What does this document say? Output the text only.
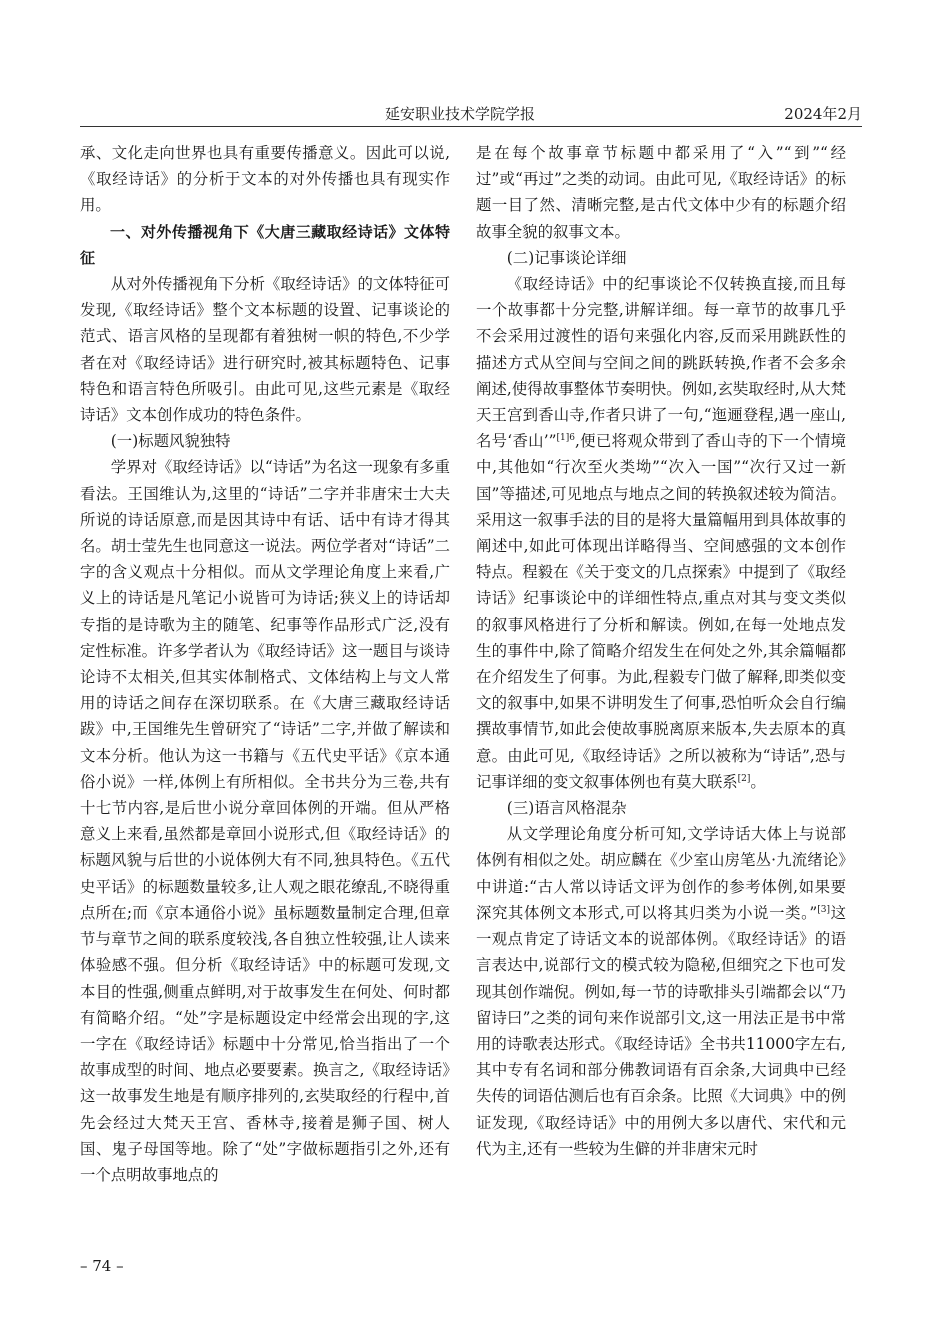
延安职业技术学院学报	2024年2月

承、文化走向世界也具有重要传播意义。因此可以说,《取经诗话》的分析于文本的对外传播也具有现实作用。

一、对外传播视角下《大唐三藏取经诗话》文体特征

从对外传播视角下分析《取经诗话》的文体特征可发现,《取经诗话》整个文本标题的设置、记事谈论的范式、语言风格的呈现都有着独树一帜的特色,不少学者在对《取经诗话》进行研究时,被其标题特色、记事特色和语言特色所吸引。由此可见,这些元素是《取经诗话》文本创作成功的特色条件。

(一)标题风貌独特

学界对《取经诗话》以“诗话”为名这一现象有多重看法。王国维认为,这里的“诗话”二字并非唐宋士大夫所说的诗话原意,而是因其诗中有话、话中有诗才得其名。胡士莹先生也同意这一说法。两位学者对“诗话”二字的含义观点十分相似。而从文学理论角度上来看,广义上的诗话是凡笔记小说皆可为诗话;狭义上的诗话却专指的是诗歌为主的随笔、纪事等作品形式广泛,没有定性标准。许多学者认为《取经诗话》这一题目与谈诗论诗不太相关,但其实体制格式、文体结构上与文人常用的诗话之间存在深切联系。在《大唐三藏取经诗话跋》中,王国维先生曾研究了“诗话”二字,并做了解读和文本分析。他认为这一书籍与《五代史平话》《京本通俗小说》一样,体例上有所相似。全书共分为三卷,共有十七节内容,是后世小说分章回体例的开端。但从严格意义上来看,虽然都是章回小说形式,但《取经诗话》的标题风貌与后世的小说体例大有不同,独具特色。《五代史平话》的标题数量较多,让人观之眼花缭乱,不晓得重点所在;而《京本通俗小说》虽标题数量制定合理,但章节与章节之间的联系度较浅,各自独立性较强,让人读来体验感不强。但分析《取经诗话》中的标题可发现,文本目的性强,侧重点鲜明,对于故事发生在何处、何时都有简略介绍。“处”字是标题设定中经常会出现的字,这一字在《取经诗话》标题中十分常见,恰当指出了一个故事成型的时间、地点必要要素。换言之,《取经诗话》这一故事发生地是有顺序排列的,玄奘取经的行程中,首先会经过大梵天王宫、香林寺,接着是狮子国、树人国、鬼子母国等地。除了“处”字做标题指引之外,还有一个点明故事地点的

是在每个故事章节标题中都采用了“入”“到”“经过”或“再过”之类的动词。由此可见,《取经诗话》的标题一目了然、清晰完整,是古代文体中少有的标题介绍故事全貌的叙事文本。

(二)记事谈论详细

《取经诗话》中的纪事谈论不仅转换直接,而且每一个故事都十分完整,讲解详细。每一章节的故事几乎不会采用过渡性的语句来强化内容,反而采用跳跃性的描述方式从空间与空间之间的跳跃转换,作者不会多余阐述,使得故事整体节奏明快。例如,玄奘取经时,从大梵天王宫到香山寺,作者只讲了一句,“迤逦登程,遇一座山,名号‘香山’”$^{[1]6}$,便已将观众带到了香山寺的下一个情境中,其他如“行次至火类坳”“次入一国”“次行又过一新国”等描述,可见地点与地点之间的转换叙述较为简洁。采用这一叙事手法的目的是将大量篇幅用到具体故事的阐述中,如此可体现出详略得当、空间感强的文本创作特点。程毅在《关于变文的几点探索》中提到了《取经诗话》纪事谈论中的详细性特点,重点对其与变文类似的叙事风格进行了分析和解读。例如,在每一处地点发生的事件中,除了简略介绍发生在何处之外,其余篇幅都在介绍发生了何事。为此,程毅专门做了解释,即类似变文的叙事中,如果不讲明发生了何事,恐怕听众会自行编撰故事情节,如此会使故事脱离原来版本,失去原本的真意。由此可见,《取经诗话》之所以被称为“诗话”,恐与记事详细的变文叙事体例也有莫大联系[2]。

(三)语言风格混杂

从文学理论角度分析可知,文学诗话大体上与说部体例有相似之处。胡应麟在《少室山房笔丛·九流绪论》中讲道:“古人常以诗话文评为创作的参考体例,如果要深究其体例文本形式,可以将其归类为小说一类。”[3]这一观点肯定了诗话文本的说部体例。《取经诗话》的语言表达中,说部行文的模式较为隐秘,但细究之下也可发现其创作端倪。例如,每一节的诗歌排头引端都会以“乃留诗曰”之类的词句来作说部引文,这一用法正是书中常用的诗歌表达形式。《取经诗话》全书共11000字左右,其中专有名词和部分佛教词语有百余条,大词典中已经失传的词语估测后也有百余条。比照《大词典》中的例证发现,《取经诗话》中的用例大多以唐代、宋代和元代为主,还有一些较为生僻的并非唐宋元时

– 74 –
